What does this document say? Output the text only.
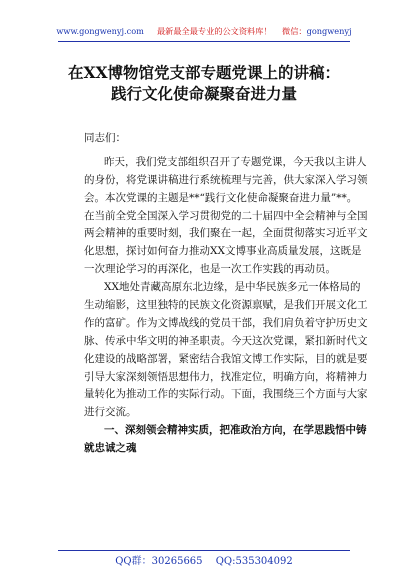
www.gongwenyj.com 最新最全最专业的公文资料库！ 微信：gongwenyj
在XX博物馆党支部专题党课上的讲稿：
践行文化使命凝聚奋进力量
同志们：
昨天，我们党支部组织召开了专题党课，今天我以主讲人
的身份，将党课讲稿进行系统梳理与完善，供大家深入学习领
会。本次党课的主题是**“践行文化使命凝聚奋进力量”**。
在当前全党全国深入学习贯彻党的二十届四中全会精神与全国
两会精神的重要时刻，我们聚在一起，全面贯彻落实习近平文
化思想，探讨如何奋力推动XX文博事业高质量发展，这既是
一次理论学习的再深化，也是一次工作实践的再动员。
XX地处青藏高原东北边缘，是中华民族多元一体格局的
生动缩影，这里独特的民族文化资源禀赋，是我们开展文化工
作的富矿。作为文博战线的党员干部，我们肩负着守护历史文
脉、传承中华文明的神圣职责。今天这次党课，紧扣新时代文
化建设的战略部署，紧密结合我馆文博工作实际，目的就是要
引导大家深刻领悟思想伟力，找准定位，明确方向，将精神力
量转化为推动工作的实际行动。下面，我围绕三个方面与大家
进行交流。
一、深刻领会精神实质，把准政治方向，在学思践悟中铸
就忠诚之魂
QQ群：30265665 QQ:535304092
